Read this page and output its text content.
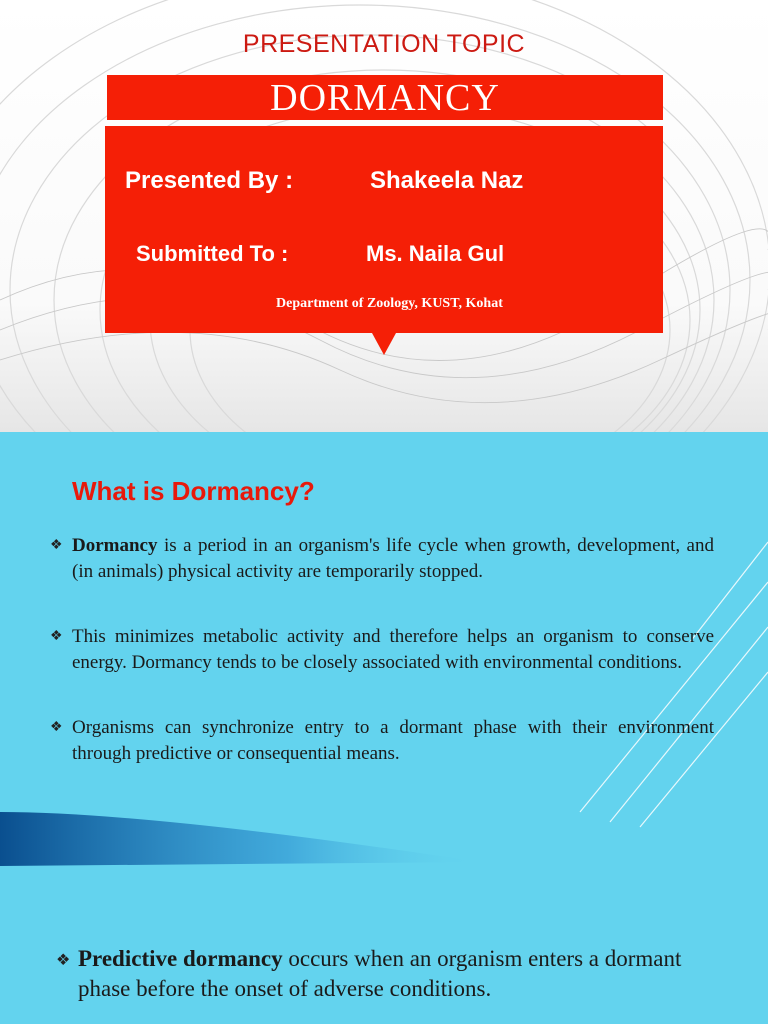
PRESENTATION TOPIC
DORMANCY
Presented By :	Shakeela Naz
Submitted To :	Ms. Naila Gul
Department of Zoology, KUST, Kohat
What is Dormancy?
❖ Dormancy is a period in an organism's life cycle when growth, development, and (in animals) physical activity are temporarily stopped.
❖ This minimizes metabolic activity and therefore helps an organism to conserve energy. Dormancy tends to be closely associated with environmental conditions.
❖ Organisms can synchronize entry to a dormant phase with their environment through predictive or consequential means.
❖ Predictive dormancy occurs when an organism enters a dormant phase before the onset of adverse conditions.
